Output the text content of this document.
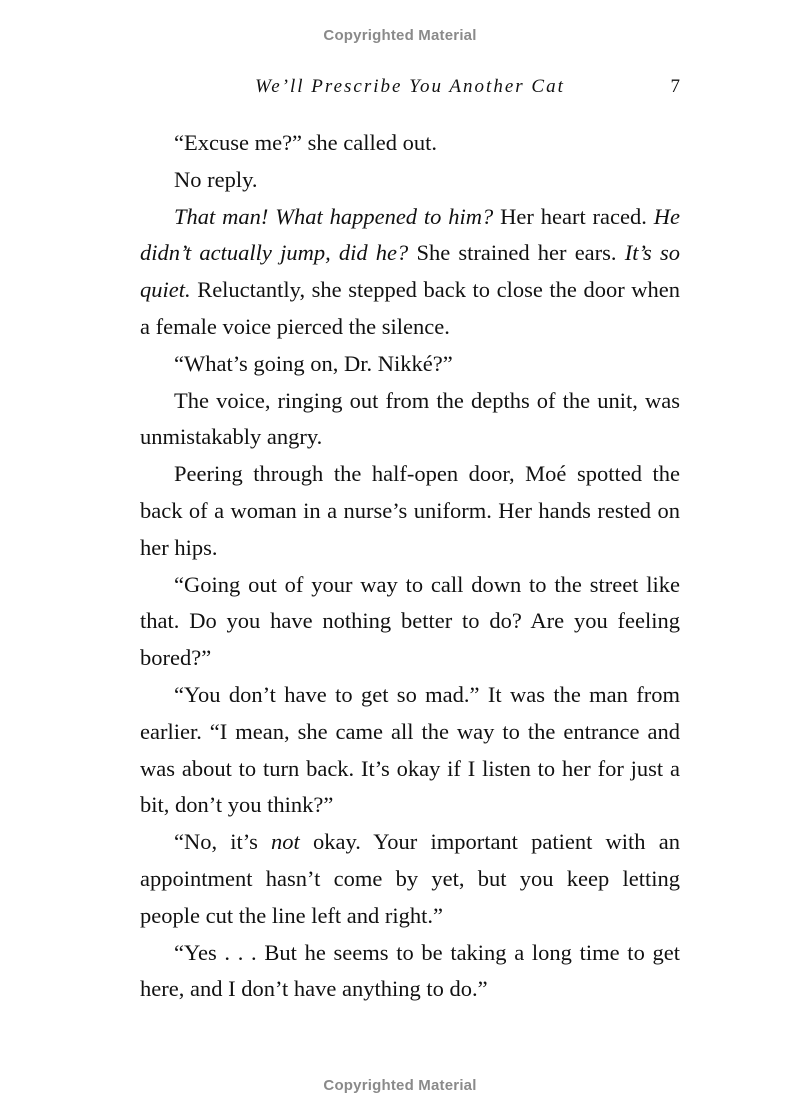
Copyrighted Material
We’ll Prescribe You Another Cat	7

“Excuse me?” she called out.

No reply.

That man! What happened to him? Her heart raced. He didn’t actually jump, did he? She strained her ears. It’s so quiet. Reluctantly, she stepped back to close the door when a female voice pierced the silence.

“What’s going on, Dr. Nikké?”

The voice, ringing out from the depths of the unit, was unmistakably angry.

Peering through the half-open door, Moé spotted the back of a woman in a nurse’s uniform. Her hands rested on her hips.

“Going out of your way to call down to the street like that. Do you have nothing better to do? Are you feeling bored?”

“You don’t have to get so mad.” It was the man from earlier. “I mean, she came all the way to the entrance and was about to turn back. It’s okay if I listen to her for just a bit, don’t you think?”

“No, it’s not okay. Your important patient with an appointment hasn’t come by yet, but you keep letting people cut the line left and right.”

“Yes . . . But he seems to be taking a long time to get here, and I don’t have anything to do.”

Copyrighted Material
